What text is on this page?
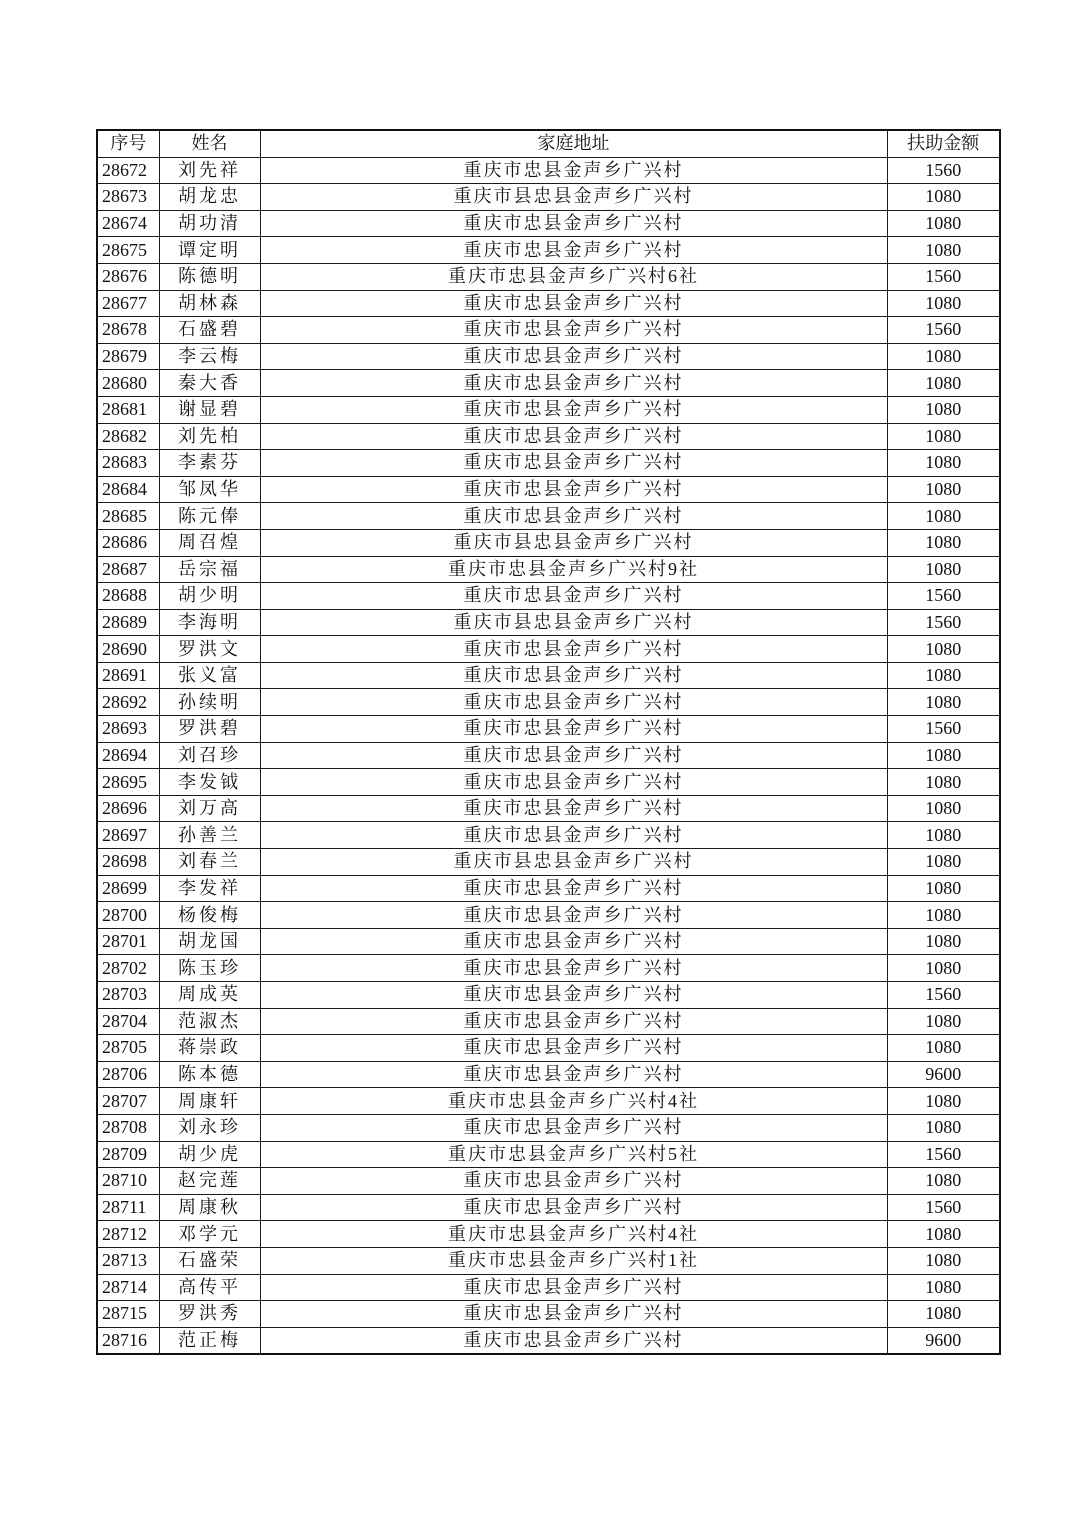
序号	姓名	家庭地址	扶助金额
28672	刘先祥	重庆市忠县金声乡广兴村	1560
28673	胡龙忠	重庆市县忠县金声乡广兴村	1080
28674	胡功清	重庆市忠县金声乡广兴村	1080
28675	谭定明	重庆市忠县金声乡广兴村	1080
28676	陈德明	重庆市忠县金声乡广兴村6社	1560
28677	胡林森	重庆市忠县金声乡广兴村	1080
28678	石盛碧	重庆市忠县金声乡广兴村	1560
28679	李云梅	重庆市忠县金声乡广兴村	1080
28680	秦大香	重庆市忠县金声乡广兴村	1080
28681	谢显碧	重庆市忠县金声乡广兴村	1080
28682	刘先柏	重庆市忠县金声乡广兴村	1080
28683	李素芬	重庆市忠县金声乡广兴村	1080
28684	邹凤华	重庆市忠县金声乡广兴村	1080
28685	陈元俸	重庆市忠县金声乡广兴村	1080
28686	周召煌	重庆市县忠县金声乡广兴村	1080
28687	岳宗福	重庆市忠县金声乡广兴村9社	1080
28688	胡少明	重庆市忠县金声乡广兴村	1560
28689	李海明	重庆市县忠县金声乡广兴村	1560
28690	罗洪文	重庆市忠县金声乡广兴村	1080
28691	张义富	重庆市忠县金声乡广兴村	1080
28692	孙续明	重庆市忠县金声乡广兴村	1080
28693	罗洪碧	重庆市忠县金声乡广兴村	1560
28694	刘召珍	重庆市忠县金声乡广兴村	1080
28695	李发钺	重庆市忠县金声乡广兴村	1080
28696	刘万高	重庆市忠县金声乡广兴村	1080
28697	孙善兰	重庆市忠县金声乡广兴村	1080
28698	刘春兰	重庆市县忠县金声乡广兴村	1080
28699	李发祥	重庆市忠县金声乡广兴村	1080
28700	杨俊梅	重庆市忠县金声乡广兴村	1080
28701	胡龙国	重庆市忠县金声乡广兴村	1080
28702	陈玉珍	重庆市忠县金声乡广兴村	1080
28703	周成英	重庆市忠县金声乡广兴村	1560
28704	范淑杰	重庆市忠县金声乡广兴村	1080
28705	蒋崇政	重庆市忠县金声乡广兴村	1080
28706	陈本德	重庆市忠县金声乡广兴村	9600
28707	周康轩	重庆市忠县金声乡广兴村4社	1080
28708	刘永珍	重庆市忠县金声乡广兴村	1080
28709	胡少虎	重庆市忠县金声乡广兴村5社	1560
28710	赵完莲	重庆市忠县金声乡广兴村	1080
28711	周康秋	重庆市忠县金声乡广兴村	1560
28712	邓学元	重庆市忠县金声乡广兴村4社	1080
28713	石盛荣	重庆市忠县金声乡广兴村1社	1080
28714	高传平	重庆市忠县金声乡广兴村	1080
28715	罗洪秀	重庆市忠县金声乡广兴村	1080
28716	范正梅	重庆市忠县金声乡广兴村	9600
